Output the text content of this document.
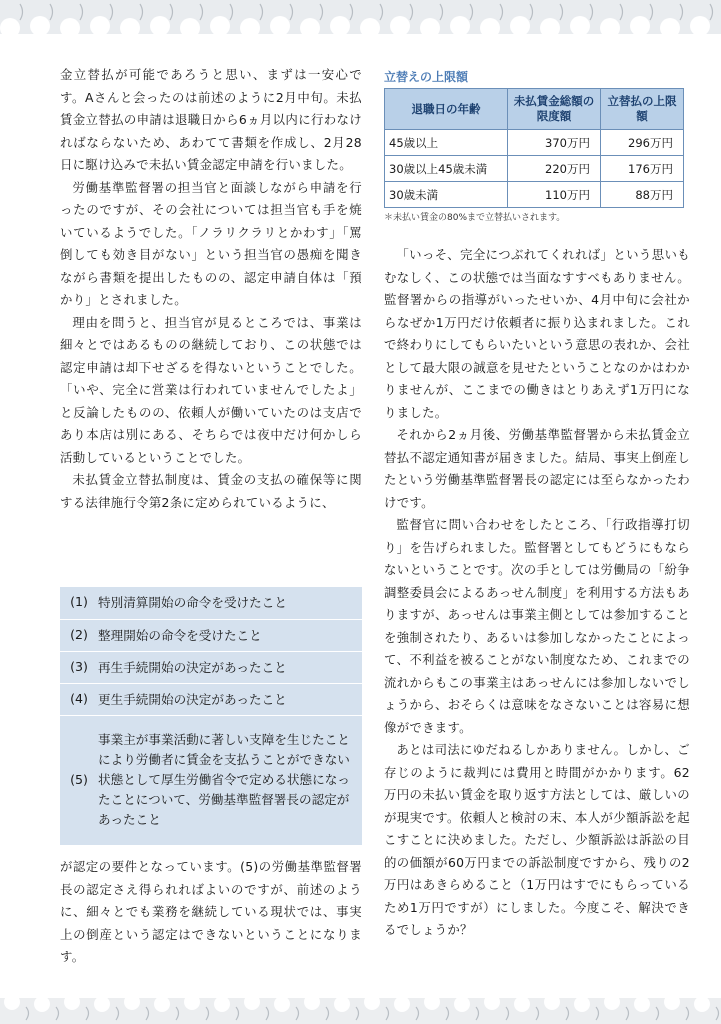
金立替払が可能であろうと思い、まずは一安心です。Aさんと会ったのは前述のように2月中旬。未払賃金立替払の申請は退職日から6ヵ月以内に行わなければならないため、あわてて書類を作成し、2月28日に駆け込みで未払い賃金認定申請を行いました。

労働基準監督署の担当官と面談しながら申請を行ったのですが、その会社については担当官も手を焼いているようでした。「ノラリクラリとかわす」「罵倒しても効き目がない」という担当官の愚痴を聞きながら書類を提出したものの、認定申請自体は「預かり」とされました。

理由を問うと、担当官が見るところでは、事業は細々とではあるものの継続しており、この状態では認定申請は却下せざるを得ないということでした。「いや、完全に営業は行われていませんでしたよ」と反論したものの、依頼人が働いていたのは支店であり本店は別にある、そちらでは夜中だけ何かしら活動しているということでした。

未払賃金立替払制度は、賃金の支払の確保等に関する法律施行令第2条に定められているように、

(1) 特別清算開始の命令を受けたこと
(2) 整理開始の命令を受けたこと
(3) 再生手続開始の決定があったこと
(4) 更生手続開始の決定があったこと
(5)
事業主が事業活動に著しい支障を生じたことにより労働者に賃金を支払うことができない状態として厚生労働省令で定める状態になったことについて、労働基準監督署長の認定があったこと

が認定の要件となっています。(5)の労働基準監督署長の認定さえ得られればよいのですが、前述のように、細々とでも業務を継続している現状では、事実上の倒産という認定はできないということになります。

立替えの上限額
退職日の年齢	未払賃金総額の限度額	立替払の上限額
45歳以上	370万円	296万円
30歳以上45歳未満	220万円	176万円
30歳未満	110万円	88万円
＊未払い賃金の80%まで立替払いされます。

「いっそ、完全につぶれてくれれば」という思いもむなしく、この状態では当面なすすべもありません。監督署からの指導がいったせいか、4月中旬に会社からなぜか1万円だけ依頼者に振り込まれました。これで終わりにしてもらいたいという意思の表れか、会社として最大限の誠意を見せたということなのかはわかりませんが、ここまでの働きはとりあえず1万円になりました。

それから2ヵ月後、労働基準監督署から未払賃金立替払不認定通知書が届きました。結局、事実上倒産したという労働基準監督署長の認定には至らなかったわけです。

監督官に問い合わせをしたところ、「行政指導打切り」を告げられました。監督署としてもどうにもならないということです。次の手としては労働局の「紛争調整委員会によるあっせん制度」を利用する方法もありますが、あっせんは事業主側としては参加することを強制されたり、あるいは参加しなかったことによって、不利益を被ることがない制度なため、これまでの流れからもこの事業主はあっせんには参加しないでしょうから、おそらくは意味をなさないことは容易に想像ができます。

あとは司法にゆだねるしかありません。しかし、ご存じのように裁判には費用と時間がかかります。62万円の未払い賃金を取り返す方法としては、厳しいのが現実です。依頼人と検討の末、本人が少額訴訟を起こすことに決めました。ただし、少額訴訟は訴訟の目的の価額が60万円までの訴訟制度ですから、残りの2万円はあきらめること（1万円はすでにもらっているため1万円ですが）にしました。今度こそ、解決できるでしょうか？
